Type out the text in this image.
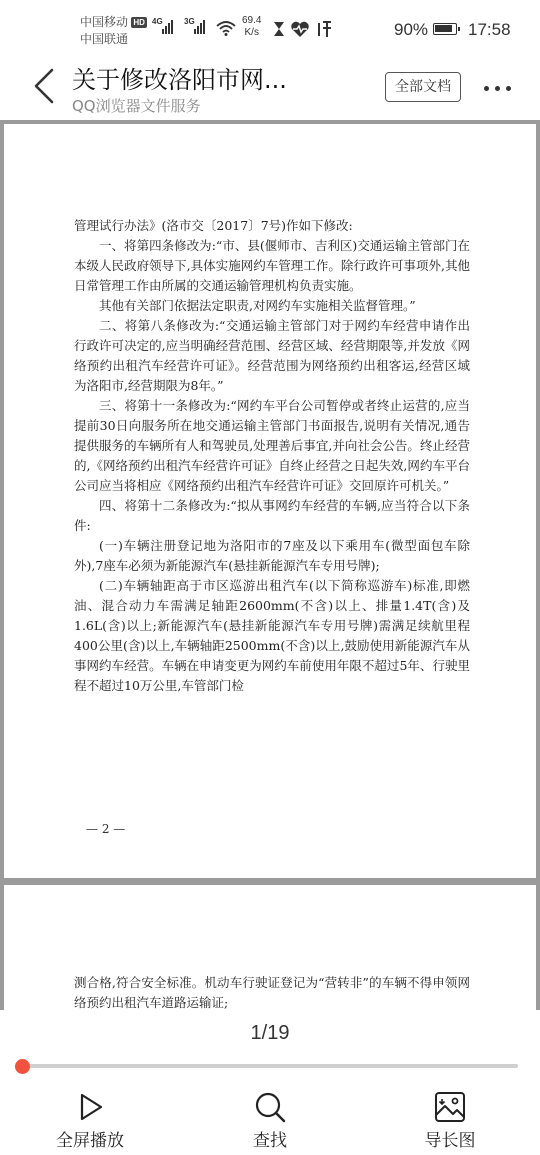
中国移动 HD
中国联通
4G	3G	69.4
K/s	90% 17:58
关于修改洛阳市网...
QQ浏览器文件服务
全部文档

管理试行办法》(洛市交〔2017〕7号)作如下修改:

一、将第四条修改为:“市、县(偃师市、吉利区)交通运输主管部门在本级人民政府领导下,具体实施网约车管理工作。除行政许可事项外,其他日常管理工作由所属的交通运输管理机构负责实施。

其他有关部门依据法定职责,对网约车实施相关监督管理。”

二、将第八条修改为:“交通运输主管部门对于网约车经营申请作出行政许可决定的,应当明确经营范围、经营区域、经营期限等,并发放《网络预约出租汽车经营许可证》。经营范围为网络预约出租客运,经营区域为洛阳市,经营期限为8年。”

三、将第十一条修改为:“网约车平台公司暂停或者终止运营的,应当提前30日向服务所在地交通运输主管部门书面报告,说明有关情况,通告提供服务的车辆所有人和驾驶员,处理善后事宜,并向社会公告。终止经营的,《网络预约出租汽车经营许可证》自终止经营之日起失效,网约车平台公司应当将相应《网络预约出租汽车经营许可证》交回原许可机关。”

四、将第十二条修改为:“拟从事网约车经营的车辆,应当符合以下条件:

(一)车辆注册登记地为洛阳市的7座及以下乘用车(微型面包车除外),7座车必须为新能源汽车(悬挂新能源汽车专用号牌);

(二)车辆轴距高于市区巡游出租汽车(以下简称巡游车)标准,即燃油、混合动力车需满足轴距2600mm(不含)以上、排量1.4T(含)及1.6L(含)以上;新能源汽车(悬挂新能源汽车专用号牌)需满足续航里程400公里(含)以上,车辆轴距2500mm(不含)以上,鼓励使用新能源汽车从事网约车经营。车辆在申请变更为网约车前使用年限不超过5年、行驶里程不超过10万公里,车管部门检

— 2 —

测合格,符合安全标准。机动车行驶证登记为“营转非”的车辆不得申领网络预约出租汽车道路运输证;

1/19
全屏播放	查找	导长图
